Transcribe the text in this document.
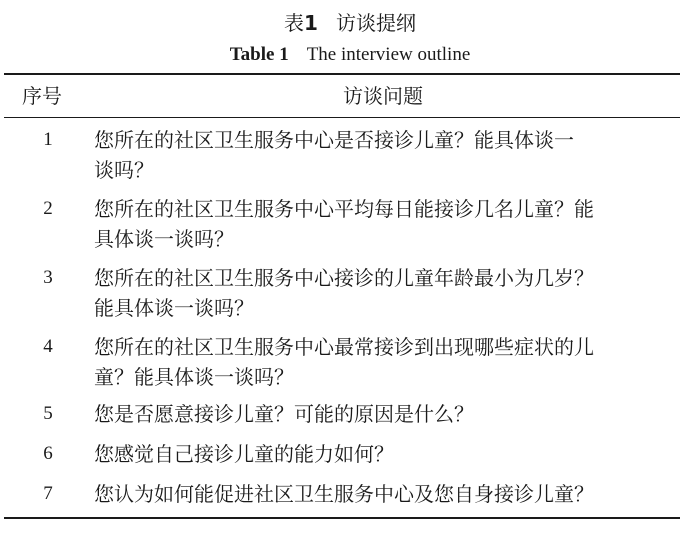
表1 访谈提纲
Table 1 The interview outline
序号	访谈问题
1 您所在的社区卫生服务中心是否接诊儿童？能具体谈一
谈吗？
2 您所在的社区卫生服务中心平均每日能接诊几名儿童？能
具体谈一谈吗？
3 您所在的社区卫生服务中心接诊的儿童年龄最小为几岁？
能具体谈一谈吗？
4 您所在的社区卫生服务中心最常接诊到出现哪些症状的儿
童？能具体谈一谈吗？
5 您是否愿意接诊儿童？可能的原因是什么？
6 您感觉自己接诊儿童的能力如何？
7 您认为如何能促进社区卫生服务中心及您自身接诊儿童？
